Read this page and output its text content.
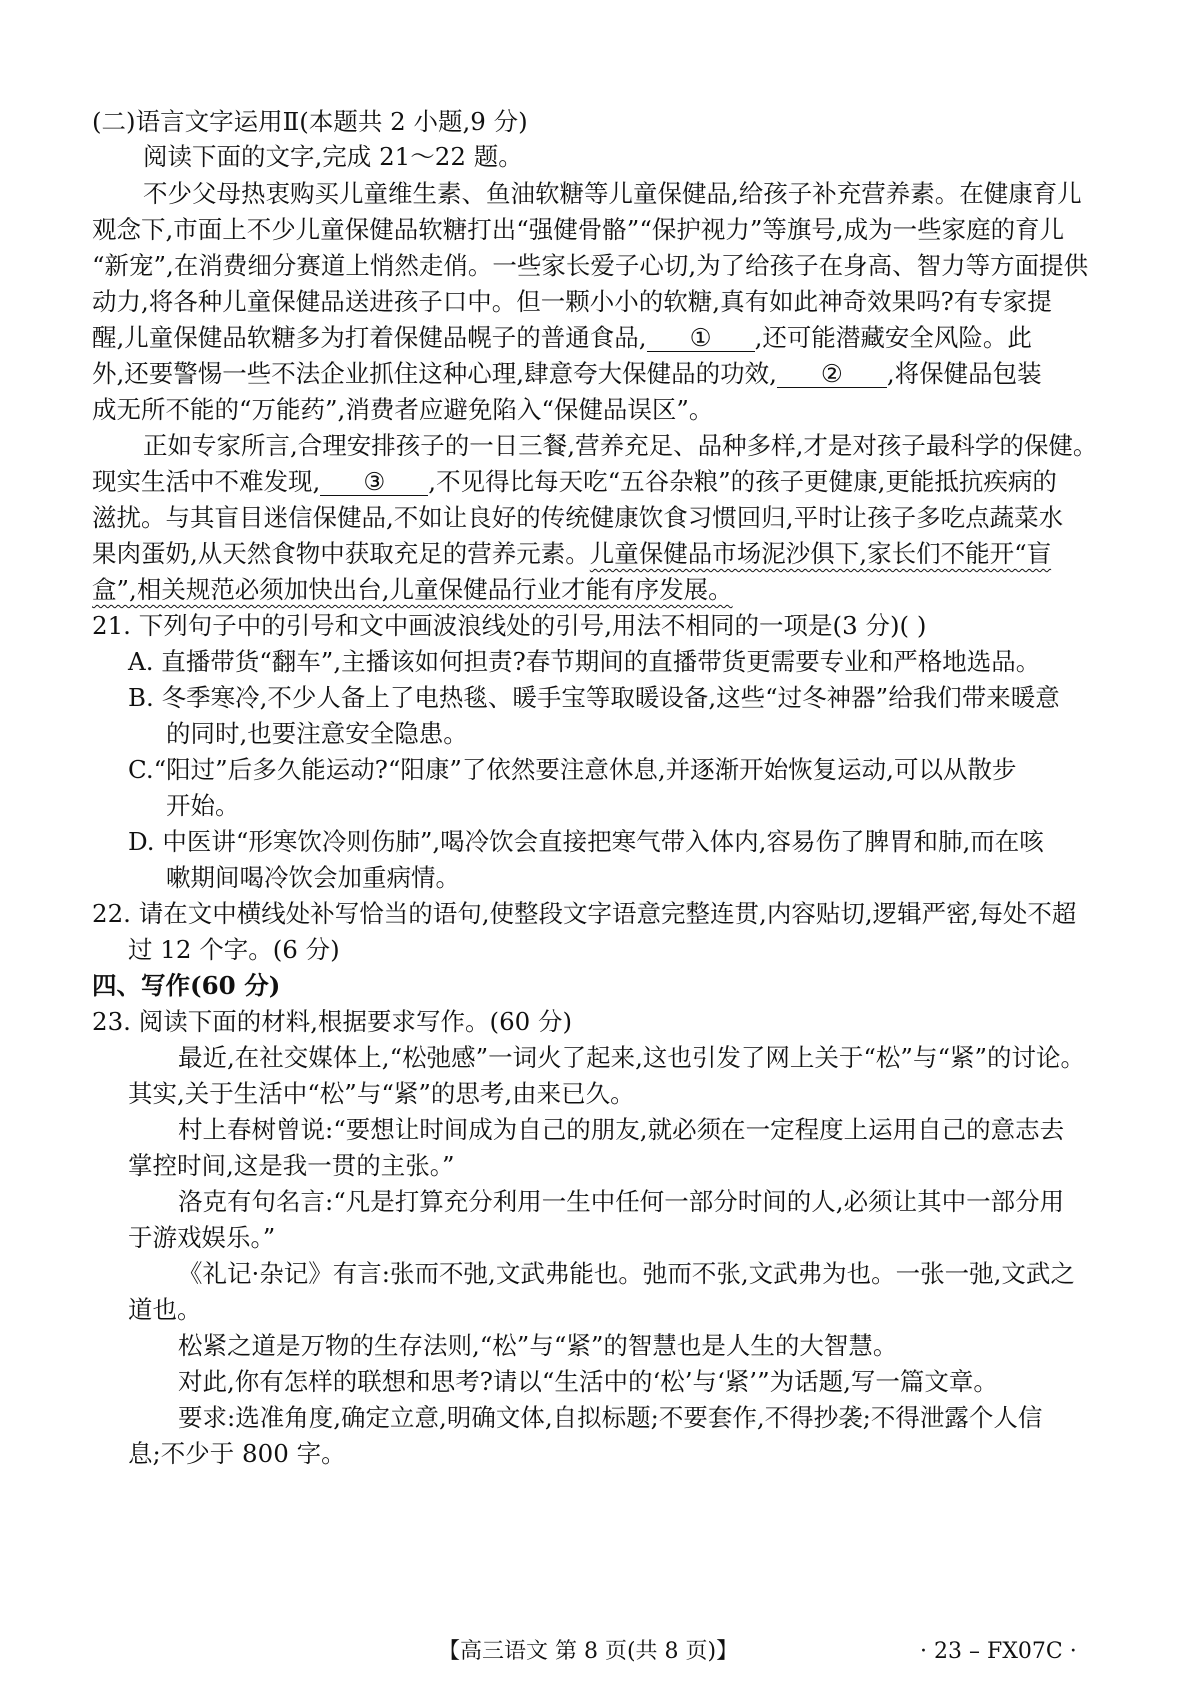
(二)语言文字运用Ⅱ(本题共 2 小题,9 分)
阅读下面的文字,完成 21～22 题。
不少父母热衷购买儿童维生素、鱼油软糖等儿童保健品,给孩子补充营养素。在健康育儿
观念下,市面上不少儿童保健品软糖打出“强健骨骼”“保护视力”等旗号,成为一些家庭的育儿
“新宠”,在消费细分赛道上悄然走俏。一些家长爱子心切,为了给孩子在身高、智力等方面提供
动力,将各种儿童保健品送进孩子口中。但一颗小小的软糖,真有如此神奇效果吗?有专家提
醒,儿童保健品软糖多为打着保健品幌子的普通食品, ① ,还可能潜藏安全风险。此
外,还要警惕一些不法企业抓住这种心理,肆意夸大保健品的功效, ② ,将保健品包装
成无所不能的“万能药”,消费者应避免陷入“保健品误区”。
正如专家所言,合理安排孩子的一日三餐,营养充足、品种多样,才是对孩子最科学的保健。
现实生活中不难发现, ③ ,不见得比每天吃“五谷杂粮”的孩子更健康,更能抵抗疾病的
滋扰。与其盲目迷信保健品,不如让良好的传统健康饮食习惯回归,平时让孩子多吃点蔬菜水
果肉蛋奶,从天然食物中获取充足的营养元素。儿童保健品市场泥沙俱下,家长们不能开“盲
盒”,相关规范必须加快出台,儿童保健品行业才能有序发展。
21. 下列句子中的引号和文中画波浪线处的引号,用法不相同的一项是(3 分)( )
A. 直播带货“翻车”,主播该如何担责?春节期间的直播带货更需要专业和严格地选品。
B. 冬季寒冷,不少人备上了电热毯、暖手宝等取暖设备,这些“过冬神器”给我们带来暖意
的同时,也要注意安全隐患。
C.“阳过”后多久能运动?“阳康”了依然要注意休息,并逐渐开始恢复运动,可以从散步
开始。
D. 中医讲“形寒饮冷则伤肺”,喝冷饮会直接把寒气带入体内,容易伤了脾胃和肺,而在咳
嗽期间喝冷饮会加重病情。
22. 请在文中横线处补写恰当的语句,使整段文字语意完整连贯,内容贴切,逻辑严密,每处不超
过 12 个字。(6 分)
四、写作(60 分)
23. 阅读下面的材料,根据要求写作。(60 分)
最近,在社交媒体上,“松弛感”一词火了起来,这也引发了网上关于“松”与“紧”的讨论。
其实,关于生活中“松”与“紧”的思考,由来已久。
村上春树曾说:“要想让时间成为自己的朋友,就必须在一定程度上运用自己的意志去
掌控时间,这是我一贯的主张。”
洛克有句名言:“凡是打算充分利用一生中任何一部分时间的人,必须让其中一部分用
于游戏娱乐。”
《礼记·杂记》有言:张而不弛,文武弗能也。弛而不张,文武弗为也。一张一弛,文武之
道也。
松紧之道是万物的生存法则,“松”与“紧”的智慧也是人生的大智慧。
对此,你有怎样的联想和思考?请以“生活中的‘松’与‘紧’”为话题,写一篇文章。
要求:选准角度,确定立意,明确文体,自拟标题;不要套作,不得抄袭;不得泄露个人信
息;不少于 800 字。
【高三语文 第 8 页(共 8 页)】	· 23 – FX07C ·
